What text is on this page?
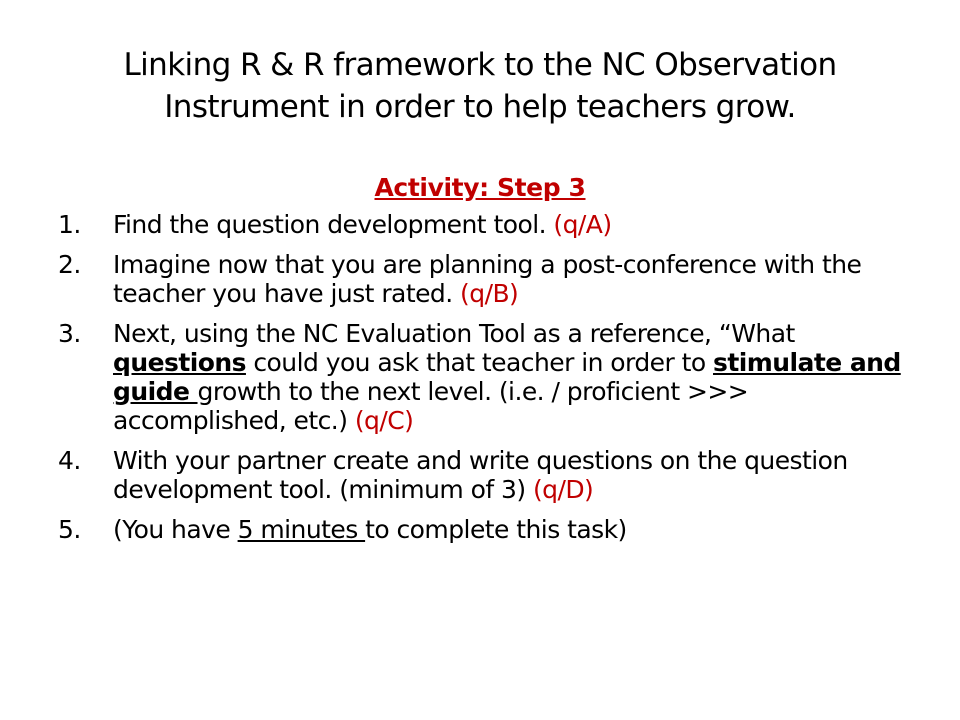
Linking R & R framework to the NC Observation Instrument in order to help teachers grow.
Activity: Step 3
1.	Find the question development tool. (q/A)
2.	Imagine now that you are planning a post-conference with the teacher you have just rated. (q/B)
3.	Next, using the NC Evaluation Tool as a reference, “What questions could you ask that teacher in order to stimulate and guide growth to the next level. (i.e. / proficient >>> accomplished, etc.) (q/C)
4.	With your partner create and write questions on the question development tool. (minimum of 3) (q/D)
5.	(You have 5 minutes to complete this task)
